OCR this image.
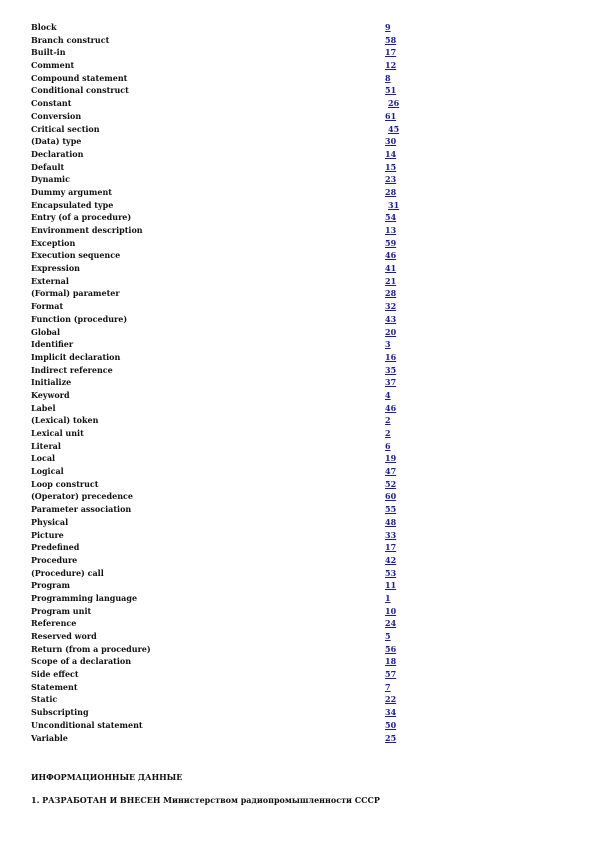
Block	9
Branch construct	58
Built-in	17
Comment	12
Compound statement	8
Conditional construct	51
Constant	26
Conversion	61
Critical section	45
(Data) type	30
Declaration	14
Default	15
Dynamic	23
Dummy argument	28
Encapsulated type	31
Entry (of a procedure)	54
Environment description	13
Exception	59
Execution sequence	46
Expression	41
External	21
(Formal) parameter	28
Format	32
Function (procedure)	43
Global	20
Identifier	3
Implicit declaration	16
Indirect reference	35
Initialize	37
Keyword	4
Label	46
(Lexical) token	2
Lexical unit	2
Literal	6
Local	19
Logical	47
Loop construct	52
(Operator) precedence	60
Parameter association	55
Physical	48
Picture	33
Predefined	17
Procedure	42
(Procedure) call	53
Program	11
Programming language	1
Program unit	10
Reference	24
Reserved word	5
Return (from a procedure)	56
Scope of a declaration	18
Side effect	57
Statement	7
Static	22
Subscripting	34
Unconditional statement	50
Variable	25

ИНФОРМАЦИОННЫЕ ДАННЫЕ

1. РАЗРАБОТАН И ВНЕСЕН Министерством радиопромышленности СССР
